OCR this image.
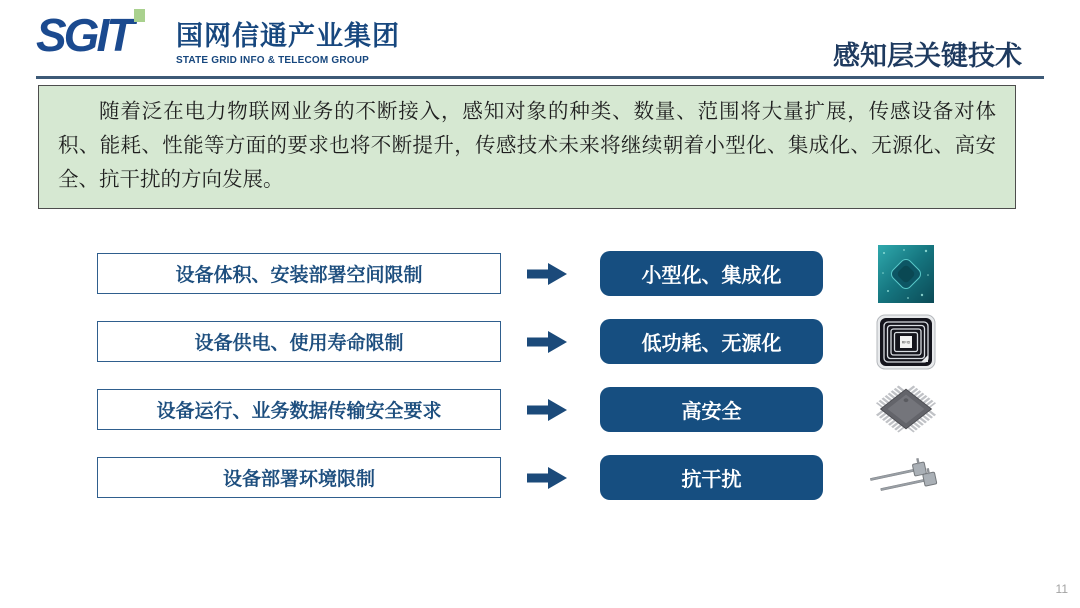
SGIT 国网信通产业集团
STATE GRID INFO & TELECOM GROUP	感知层关键技术

随着泛在电力物联网业务的不断接入，感知对象的种类、数量、范围将大量扩展，传感设备对体积、能耗、性能等方面的要求也将不断提升，传感技术未来将继续朝着小型化、集成化、无源化、高安全、抗干扰的方向发展。

设备体积、安装部署空间限制	小型化、集成化
设备供电、使用寿命限制	低功耗、无源化	RFID
设备运行、业务数据传输安全要求	高安全
设备部署环境限制	抗干扰
11
